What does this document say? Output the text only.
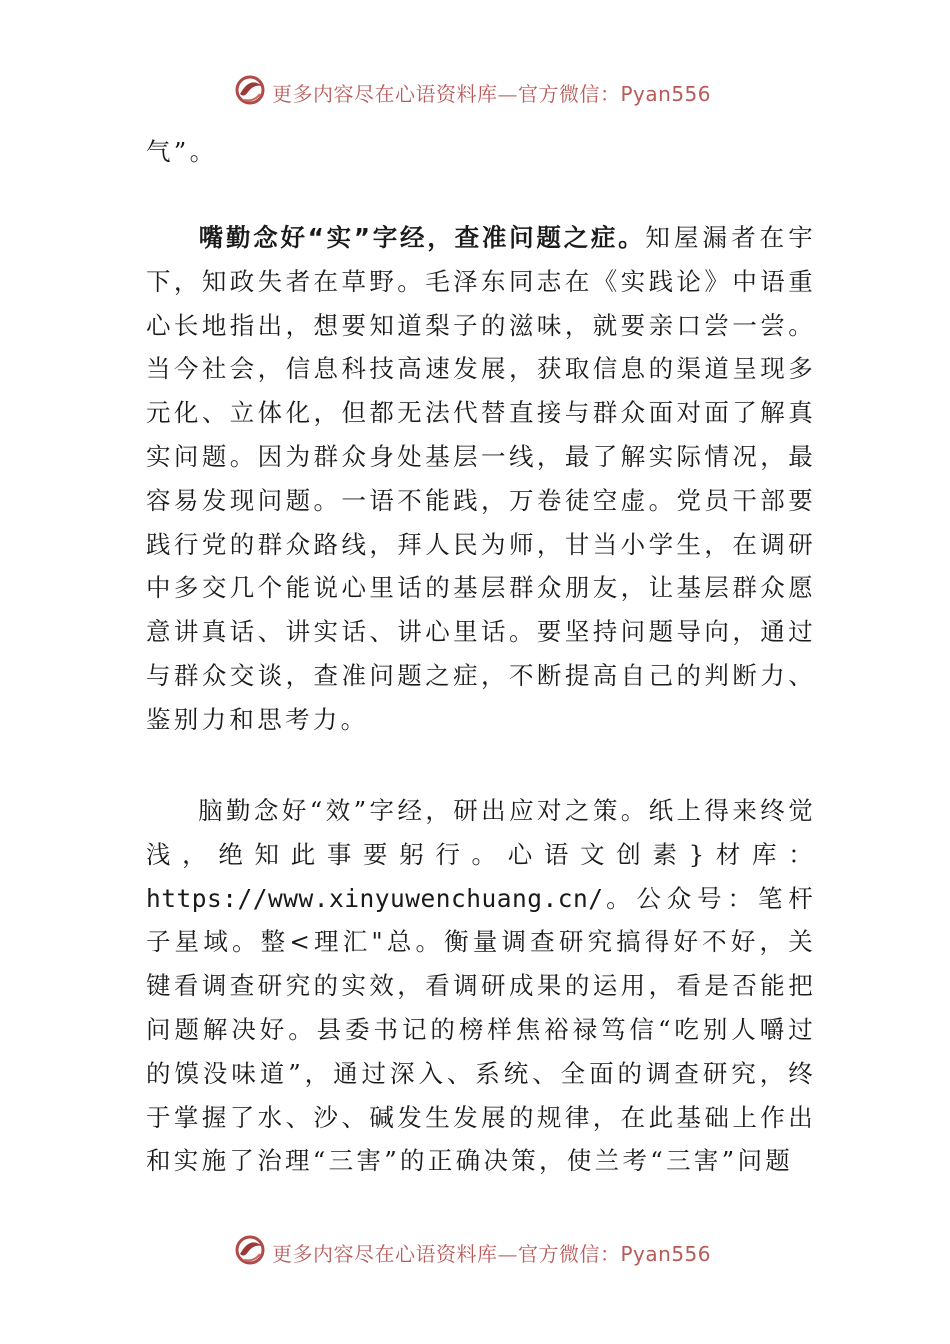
更多内容尽在心语资料库—官方微信：Pyan556

气”。

嘴勤念好“实”字经，查准问题之症。知屋漏者在宇下，知政失者在草野。毛泽东同志在《实践论》中语重心长地指出，想要知道梨子的滋味，就要亲口尝一尝。当今社会，信息科技高速发展，获取信息的渠道呈现多元化、立体化，但都无法代替直接与群众面对面了解真实问题。因为群众身处基层一线，最了解实际情况，最容易发现问题。一语不能践，万卷徒空虚。党员干部要践行党的群众路线，拜人民为师，甘当小学生，在调研中多交几个能说心里话的基层群众朋友，让基层群众愿意讲真话、讲实话、讲心里话。要坚持问题导向，通过与群众交谈，查准问题之症，不断提高自己的判断力、鉴别力和思考力。

脑勤念好“效”字经，研出应对之策。纸上得来终觉浅，绝知此事要躬行。心语文创素}材库：https://www.xinyuwenchuang.cn/。公众号：笔杆子星域。整<理汇"总。衡量调查研究搞得好不好，关键看调查研究的实效，看调研成果的运用，看是否能把问题解决好。县委书记的榜样焦裕禄笃信“吃别人嚼过的馍没味道”，通过深入、系统、全面的调查研究，终于掌握了水、沙、碱发生发展的规律，在此基础上作出和实施了治理“三害”的正确决策，使兰考“三害”问题

更多内容尽在心语资料库—官方微信：Pyan556
